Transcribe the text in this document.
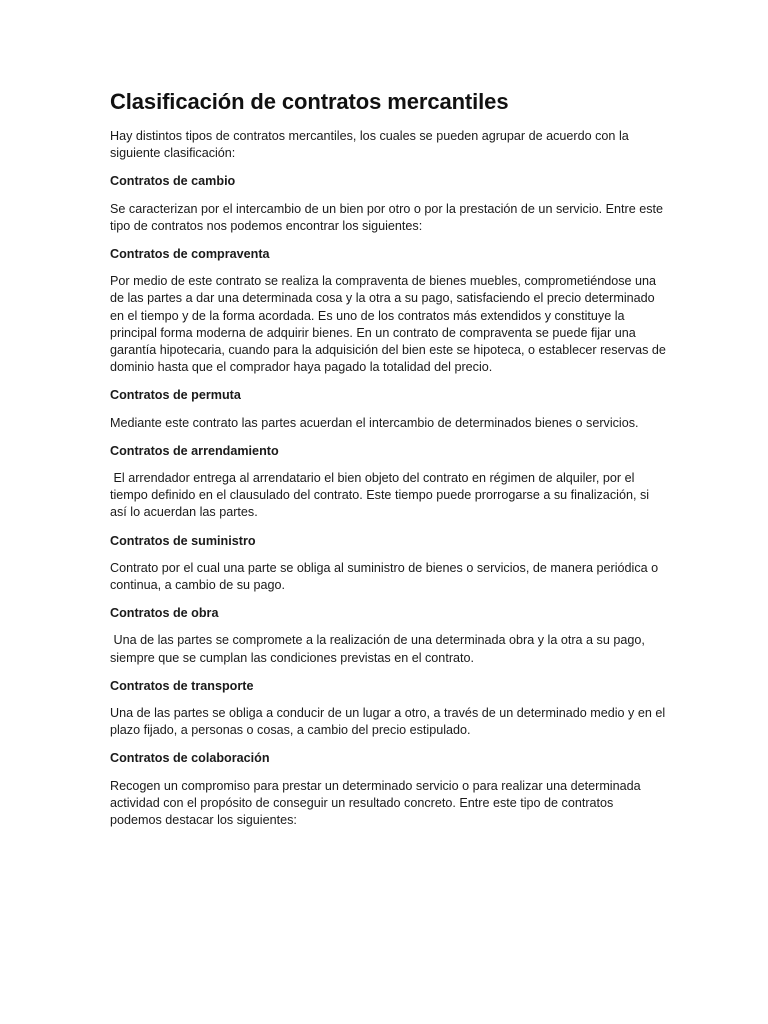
Clasificación de contratos mercantiles

Hay distintos tipos de contratos mercantiles, los cuales se pueden agrupar de acuerdo con la siguiente clasificación:

Contratos de cambio

Se caracterizan por el intercambio de un bien por otro o por la prestación de un servicio. Entre este tipo de contratos nos podemos encontrar los siguientes:

Contratos de compraventa

Por medio de este contrato se realiza la compraventa de bienes muebles, comprometiéndose una de las partes a dar una determinada cosa y la otra a su pago, satisfaciendo el precio determinado en el tiempo y de la forma acordada. Es uno de los contratos más extendidos y constituye la principal forma moderna de adquirir bienes. En un contrato de compraventa se puede fijar una garantía hipotecaria, cuando para la adquisición del bien este se hipoteca, o establecer reservas de dominio hasta que el comprador haya pagado la totalidad del precio.

Contratos de permuta

Mediante este contrato las partes acuerdan el intercambio de determinados bienes o servicios.

Contratos de arrendamiento

El arrendador entrega al arrendatario el bien objeto del contrato en régimen de alquiler, por el tiempo definido en el clausulado del contrato. Este tiempo puede prorrogarse a su finalización, si así lo acuerdan las partes.

Contratos de suministro

Contrato por el cual una parte se obliga al suministro de bienes o servicios, de manera periódica o continua, a cambio de su pago.

Contratos de obra

Una de las partes se compromete a la realización de una determinada obra y la otra a su pago, siempre que se cumplan las condiciones previstas en el contrato.

Contratos de transporte

Una de las partes se obliga a conducir de un lugar a otro, a través de un determinado medio y en el plazo fijado, a personas o cosas, a cambio del precio estipulado.

Contratos de colaboración

Recogen un compromiso para prestar un determinado servicio o para realizar una determinada actividad con el propósito de conseguir un resultado concreto. Entre este tipo de contratos podemos destacar los siguientes:
